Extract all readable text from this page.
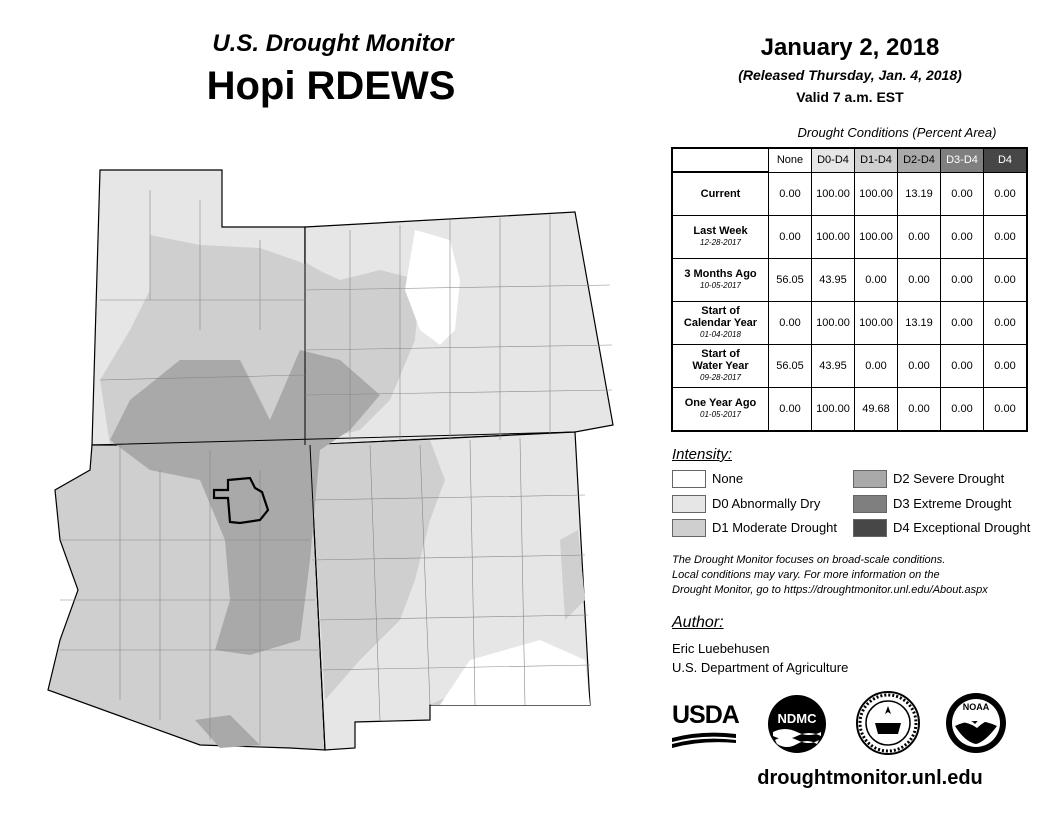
U.S. Drought Monitor
Hopi RDEWS
January 2, 2018
(Released Thursday, Jan. 4, 2018)
Valid 7 a.m. EST
Drought Conditions (Percent Area)
	None	D0-D4	D1-D4	D2-D4	D3-D4	D4

Current	0.00	100.00	100.00	13.19	0.00	0.00

Last Week
12-28-2017	0.00	100.00	100.00	0.00	0.00	0.00

3 Months Ago
10-05-2017	56.05	43.95	0.00	0.00	0.00	0.00

Start of
Calendar Year
01-04-2018	0.00	100.00	100.00	13.19	0.00	0.00

Start of
Water Year
09-28-2017	56.05	43.95	0.00	0.00	0.00	0.00

One Year Ago
01-05-2017	0.00	100.00	49.68	0.00	0.00	0.00
Intensity:
None
D0 Abnormally Dry
D1 Moderate Drought
D2 Severe Drought
D3 Extreme Drought
D4 Exceptional Drought
The Drought Monitor focuses on broad-scale conditions.
Local conditions may vary. For more information on the
Drought Monitor, go to https://droughtmonitor.unl.edu/About.aspx
Author:
Eric Luebehusen
U.S. Department of Agriculture
USDA	NDMC
NOAA
droughtmonitor.unl.edu
